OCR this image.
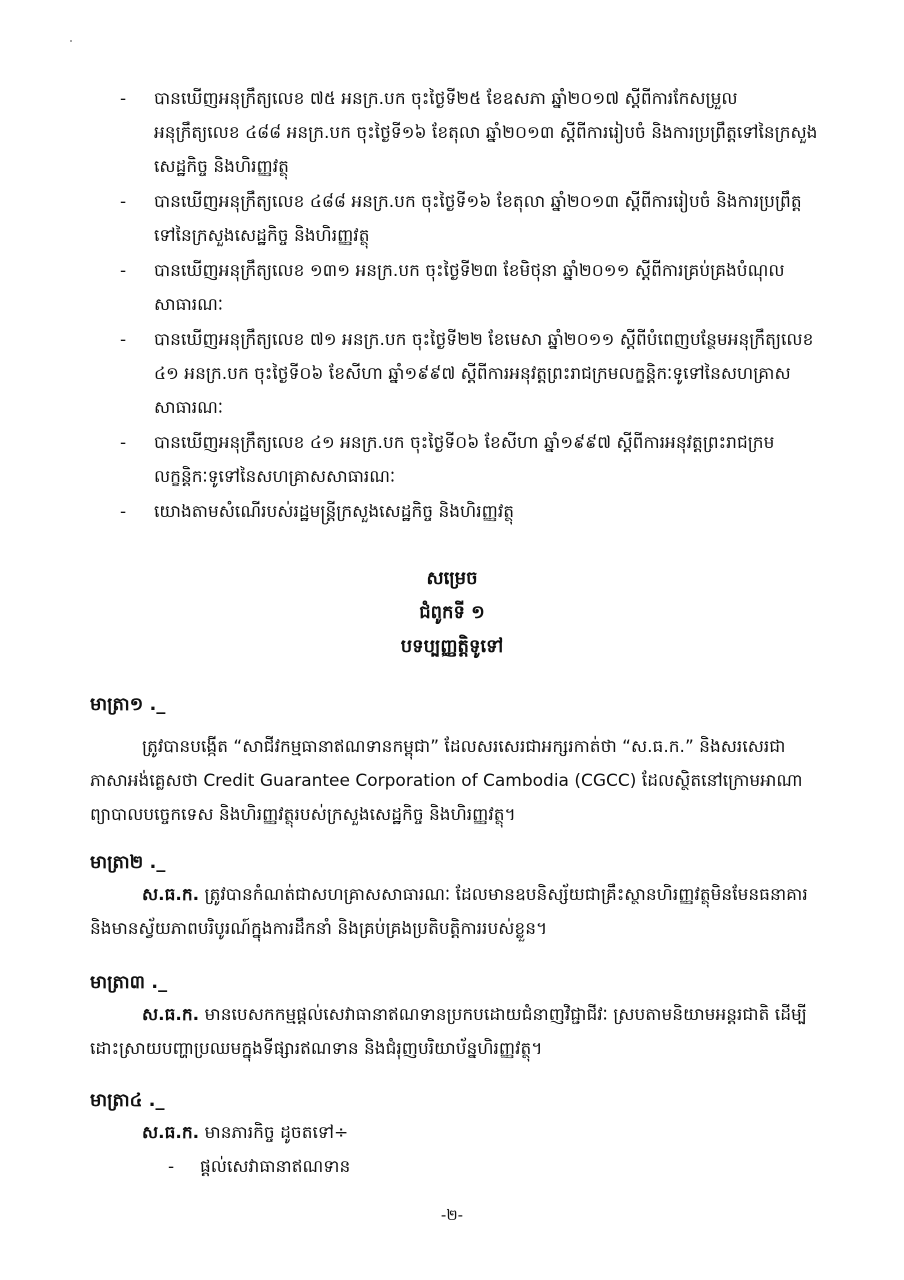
-	បានឃើញអនុក្រឹត្យលេខ ៧៥ អនក្រ.បក ចុះថ្ងៃទី២៥ ខែឧសភា ឆ្នាំ២០១៧ ស្តីពីការកែសម្រួលអនុក្រឹត្យលេខ ៤៨៨ អនក្រ.បក ចុះថ្ងៃទី១៦ ខែតុលា ឆ្នាំ២០១៣ ស្តីពីការរៀបចំ និងការប្រព្រឹត្តទៅនៃក្រសួងសេដ្ឋកិច្ច និងហិរញ្ញវត្ថុ
-	បានឃើញអនុក្រឹត្យលេខ ៤៨៨ អនក្រ.បក ចុះថ្ងៃទី១៦ ខែតុលា ឆ្នាំ២០១៣ ស្តីពីការរៀបចំ និងការប្រព្រឹត្តទៅនៃក្រសួងសេដ្ឋកិច្ច និងហិរញ្ញវត្ថុ
-	បានឃើញអនុក្រឹត្យលេខ ១៣១ អនក្រ.បក ចុះថ្ងៃទី២៣ ខែមិថុនា ឆ្នាំ២០១១ ស្តីពីការគ្រប់គ្រងបំណុលសាធារណៈ
-	បានឃើញអនុក្រឹត្យលេខ ៧១ អនក្រ.បក ចុះថ្ងៃទី២២ ខែមេសា ឆ្នាំ២០១១ ស្តីពីបំពេញបន្ថែមអនុក្រឹត្យលេខ ៤១ អនក្រ.បក ចុះថ្ងៃទី០៦ ខែសីហា ឆ្នាំ១៩៩៧ ស្តីពីការអនុវត្តព្រះរាជក្រមលក្ខន្តិកៈទូទៅនៃសហគ្រាសសាធារណៈ
-	បានឃើញអនុក្រឹត្យលេខ ៤១ អនក្រ.បក ចុះថ្ងៃទី០៦ ខែសីហា ឆ្នាំ១៩៩៧ ស្តីពីការអនុវត្តព្រះរាជក្រមលក្ខន្តិកៈទូទៅនៃសហគ្រាសសាធារណៈ
-	យោងតាមសំណើរបស់រដ្ឋមន្ត្រីក្រសួងសេដ្ឋកិច្ច និងហិរញ្ញវត្ថុ
សម្រេច
ជំពូកទី ១
បទប្បញ្ញត្តិទូទៅ
មាត្រា១ ._
ត្រូវបានបង្កើត “សាជីវកម្មធានាឥណទានកម្ពុជា” ដែលសរសេរជាអក្សរកាត់ថា “ស.ធ.ក.” និងសរសេរជាភាសាអង់គ្លេសថា Credit Guarantee Corporation of Cambodia (CGCC) ដែលស្ថិតនៅក្រោមអាណាព្យាបាលបច្ចេកទេស និងហិរញ្ញវត្ថុរបស់ក្រសួងសេដ្ឋកិច្ច និងហិរញ្ញវត្ថុ។
មាត្រា២ ._
ស.ធ.ក. ត្រូវបានកំណត់ជាសហគ្រាសសាធារណៈ ដែលមានឧបនិស្ស័យជាគ្រឹះស្ថានហិរញ្ញវត្ថុមិនមែនធនាគារ និងមានស្វ័យភាពបរិបូរណ៍ក្នុងការដឹកនាំ និងគ្រប់គ្រងប្រតិបត្តិការរបស់ខ្លួន។
មាត្រា៣ ._
ស.ធ.ក. មានបេសកកម្មផ្តល់សេវាធានាឥណទានប្រកបដោយជំនាញវិជ្ជាជីវៈ ស្របតាមនិយាមអន្តរជាតិ ដើម្បីដោះស្រាយបញ្ហាប្រឈមក្នុងទីផ្សារឥណទាន និងជំរុញបរិយាប័ន្នហិរញ្ញវត្ថុ។
មាត្រា៤ ._
ស.ធ.ក. មានភារកិច្ច ដូចតទៅ÷
- ផ្តល់សេវាធានាឥណទាន
-២-
